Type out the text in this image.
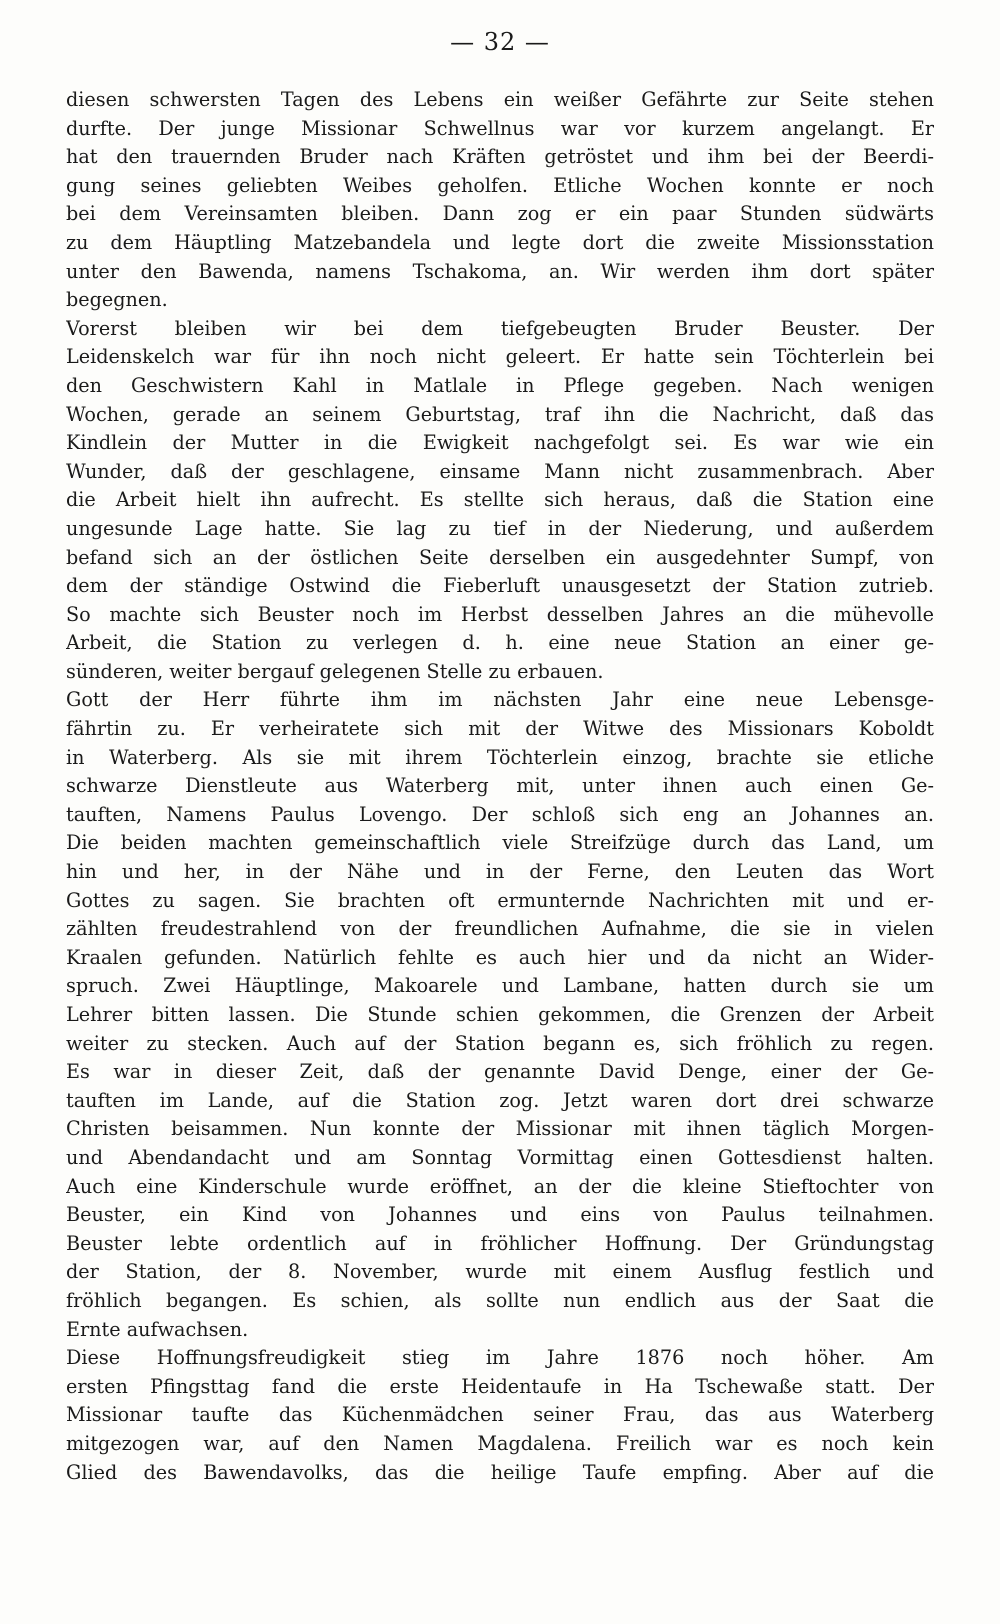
— 32 —
diesen schwersten Tagen des Lebens ein weißer Gefährte zur Seite stehen
durfte. Der junge Missionar Schwellnus war vor kurzem angelangt. Er
hat den trauernden Bruder nach Kräften getröstet und ihm bei der Beerdi-
gung seines geliebten Weibes geholfen. Etliche Wochen konnte er noch
bei dem Vereinsamten bleiben. Dann zog er ein paar Stunden südwärts
zu dem Häuptling Matzebandela und legte dort die zweite Missionsstation
unter den Bawenda, namens Tschakoma, an. Wir werden ihm dort später
begegnen.
Vorerst bleiben wir bei dem tiefgebeugten Bruder Beuster. Der
Leidenskelch war für ihn noch nicht geleert. Er hatte sein Töchterlein bei
den Geschwistern Kahl in Matlale in Pflege gegeben. Nach wenigen
Wochen, gerade an seinem Geburtstag, traf ihn die Nachricht, daß das
Kindlein der Mutter in die Ewigkeit nachgefolgt sei. Es war wie ein
Wunder, daß der geschlagene, einsame Mann nicht zusammenbrach. Aber
die Arbeit hielt ihn aufrecht. Es stellte sich heraus, daß die Station eine
ungesunde Lage hatte. Sie lag zu tief in der Niederung, und außerdem
befand sich an der östlichen Seite derselben ein ausgedehnter Sumpf, von
dem der ständige Ostwind die Fieberluft unausgesetzt der Station zutrieb.
So machte sich Beuster noch im Herbst desselben Jahres an die mühevolle
Arbeit, die Station zu verlegen d. h. eine neue Station an einer ge-
sünderen, weiter bergauf gelegenen Stelle zu erbauen.
Gott der Herr führte ihm im nächsten Jahr eine neue Lebensge-
fährtin zu. Er verheiratete sich mit der Witwe des Missionars Koboldt
in Waterberg. Als sie mit ihrem Töchterlein einzog, brachte sie etliche
schwarze Dienstleute aus Waterberg mit, unter ihnen auch einen Ge-
tauften, Namens Paulus Lovengo. Der schloß sich eng an Johannes an.
Die beiden machten gemeinschaftlich viele Streifzüge durch das Land, um
hin und her, in der Nähe und in der Ferne, den Leuten das Wort
Gottes zu sagen. Sie brachten oft ermunternde Nachrichten mit und er-
zählten freudestrahlend von der freundlichen Aufnahme, die sie in vielen
Kraalen gefunden. Natürlich fehlte es auch hier und da nicht an Wider-
spruch. Zwei Häuptlinge, Makoarele und Lambane, hatten durch sie um
Lehrer bitten lassen. Die Stunde schien gekommen, die Grenzen der Arbeit
weiter zu stecken. Auch auf der Station begann es, sich fröhlich zu regen.
Es war in dieser Zeit, daß der genannte David Denge, einer der Ge-
tauften im Lande, auf die Station zog. Jetzt waren dort drei schwarze
Christen beisammen. Nun konnte der Missionar mit ihnen täglich Morgen-
und Abendandacht und am Sonntag Vormittag einen Gottesdienst halten.
Auch eine Kinderschule wurde eröffnet, an der die kleine Stieftochter von
Beuster, ein Kind von Johannes und eins von Paulus teilnahmen.
Beuster lebte ordentlich auf in fröhlicher Hoffnung. Der Gründungstag
der Station, der 8. November, wurde mit einem Ausflug festlich und
fröhlich begangen. Es schien, als sollte nun endlich aus der Saat die
Ernte aufwachsen.
Diese Hoffnungsfreudigkeit stieg im Jahre 1876 noch höher. Am
ersten Pfingsttag fand die erste Heidentaufe in Ha Tschewaße statt. Der
Missionar taufte das Küchenmädchen seiner Frau, das aus Waterberg
mitgezogen war, auf den Namen Magdalena. Freilich war es noch kein
Glied des Bawendavolks, das die heilige Taufe empfing. Aber auf die
